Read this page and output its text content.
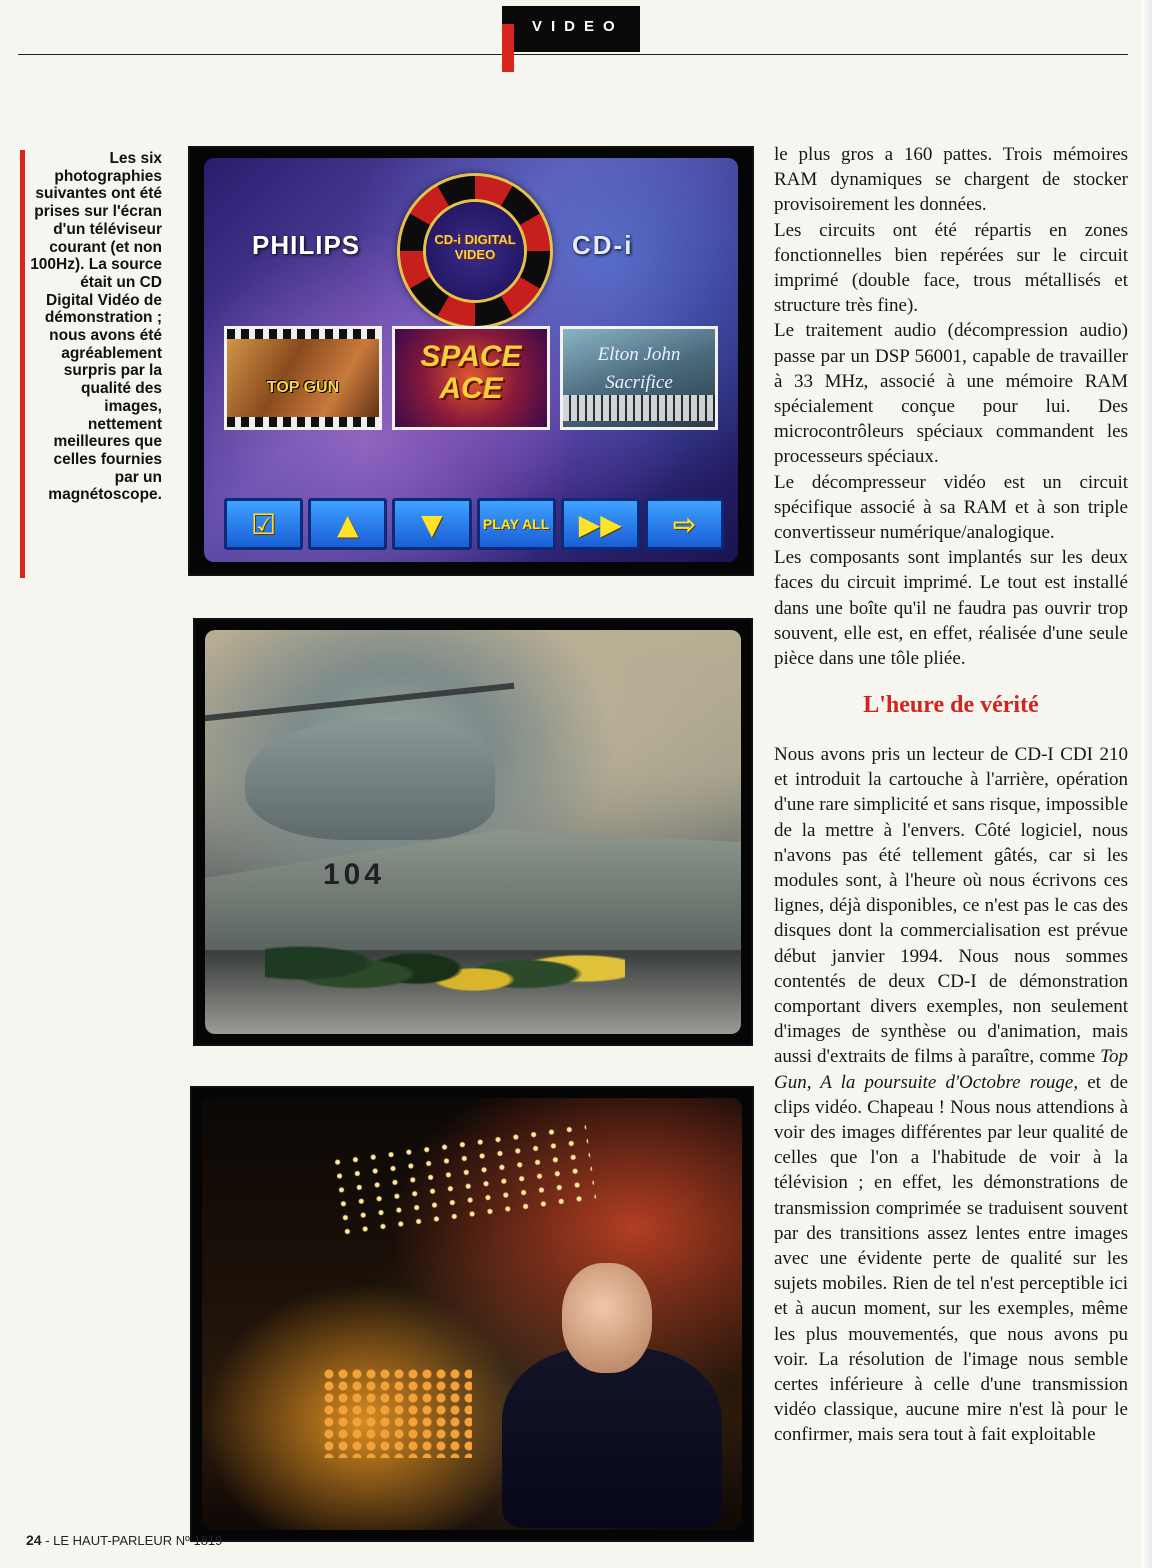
VIDEO
Les six photographies suivantes ont été prises sur l'écran d'un téléviseur courant (et non 100Hz). La source était un CD Digital Vidéo de démonstration ; nous avons été agréablement surpris par la qualité des images, nettement meilleures que celles fournies par un magnétoscope.
PHILIPS	CD-i DIGITAL VIDEO	CD-i
TOP GUN
SPACE ACE
Elton John Sacrifice
☑	▲	▼	PLAY ALL	▶▶	⇨
104

le plus gros a 160 pattes. Trois mémoires RAM dynamiques se chargent de stocker provisoirement les données.

Les circuits ont été répartis en zones fonctionnelles bien repérées sur le circuit imprimé (double face, trous métallisés et structure très fine).

Le traitement audio (décompression audio) passe par un DSP 56001, capable de travailler à 33 MHz, associé à une mémoire RAM spécialement conçue pour lui. Des microcontrôleurs spéciaux commandent les processeurs spéciaux.

Le décompresseur vidéo est un circuit spécifique associé à sa RAM et à son triple convertisseur numérique/analogique.

Les composants sont implantés sur les deux faces du circuit imprimé. Le tout est installé dans une boîte qu'il ne faudra pas ouvrir trop souvent, elle est, en effet, réalisée d'une seule pièce dans une tôle pliée.

L'heure de vérité

Nous avons pris un lecteur de CD-I CDI 210 et introduit la cartouche à l'arrière, opération d'une rare simplicité et sans risque, impossible de la mettre à l'envers. Côté logiciel, nous n'avons pas été tellement gâtés, car si les modules sont, à l'heure où nous écrivons ces lignes, déjà disponibles, ce n'est pas le cas des disques dont la commercialisation est prévue début janvier 1994. Nous nous sommes contentés de deux CD-I de démonstration comportant divers exemples, non seulement d'images de synthèse ou d'animation, mais aussi d'extraits de films à paraître, comme Top Gun, A la poursuite d'Octobre rouge, et de clips vidéo. Chapeau ! Nous nous attendions à voir des images différentes par leur qualité de celles que l'on a l'habitude de voir à la télévision ; en effet, les démonstrations de transmission comprimée se traduisent souvent par des transitions assez lentes entre images avec une évidente perte de qualité sur les sujets mobiles. Rien de tel n'est perceptible ici et à aucun moment, sur les exemples, même les plus mouvementés, que nous avons pu voir. La résolution de l'image nous semble certes inférieure à celle d'une transmission vidéo classique, aucune mire n'est là pour le confirmer, mais sera tout à fait exploitable

24 - LE HAUT-PARLEUR Nº 1819
